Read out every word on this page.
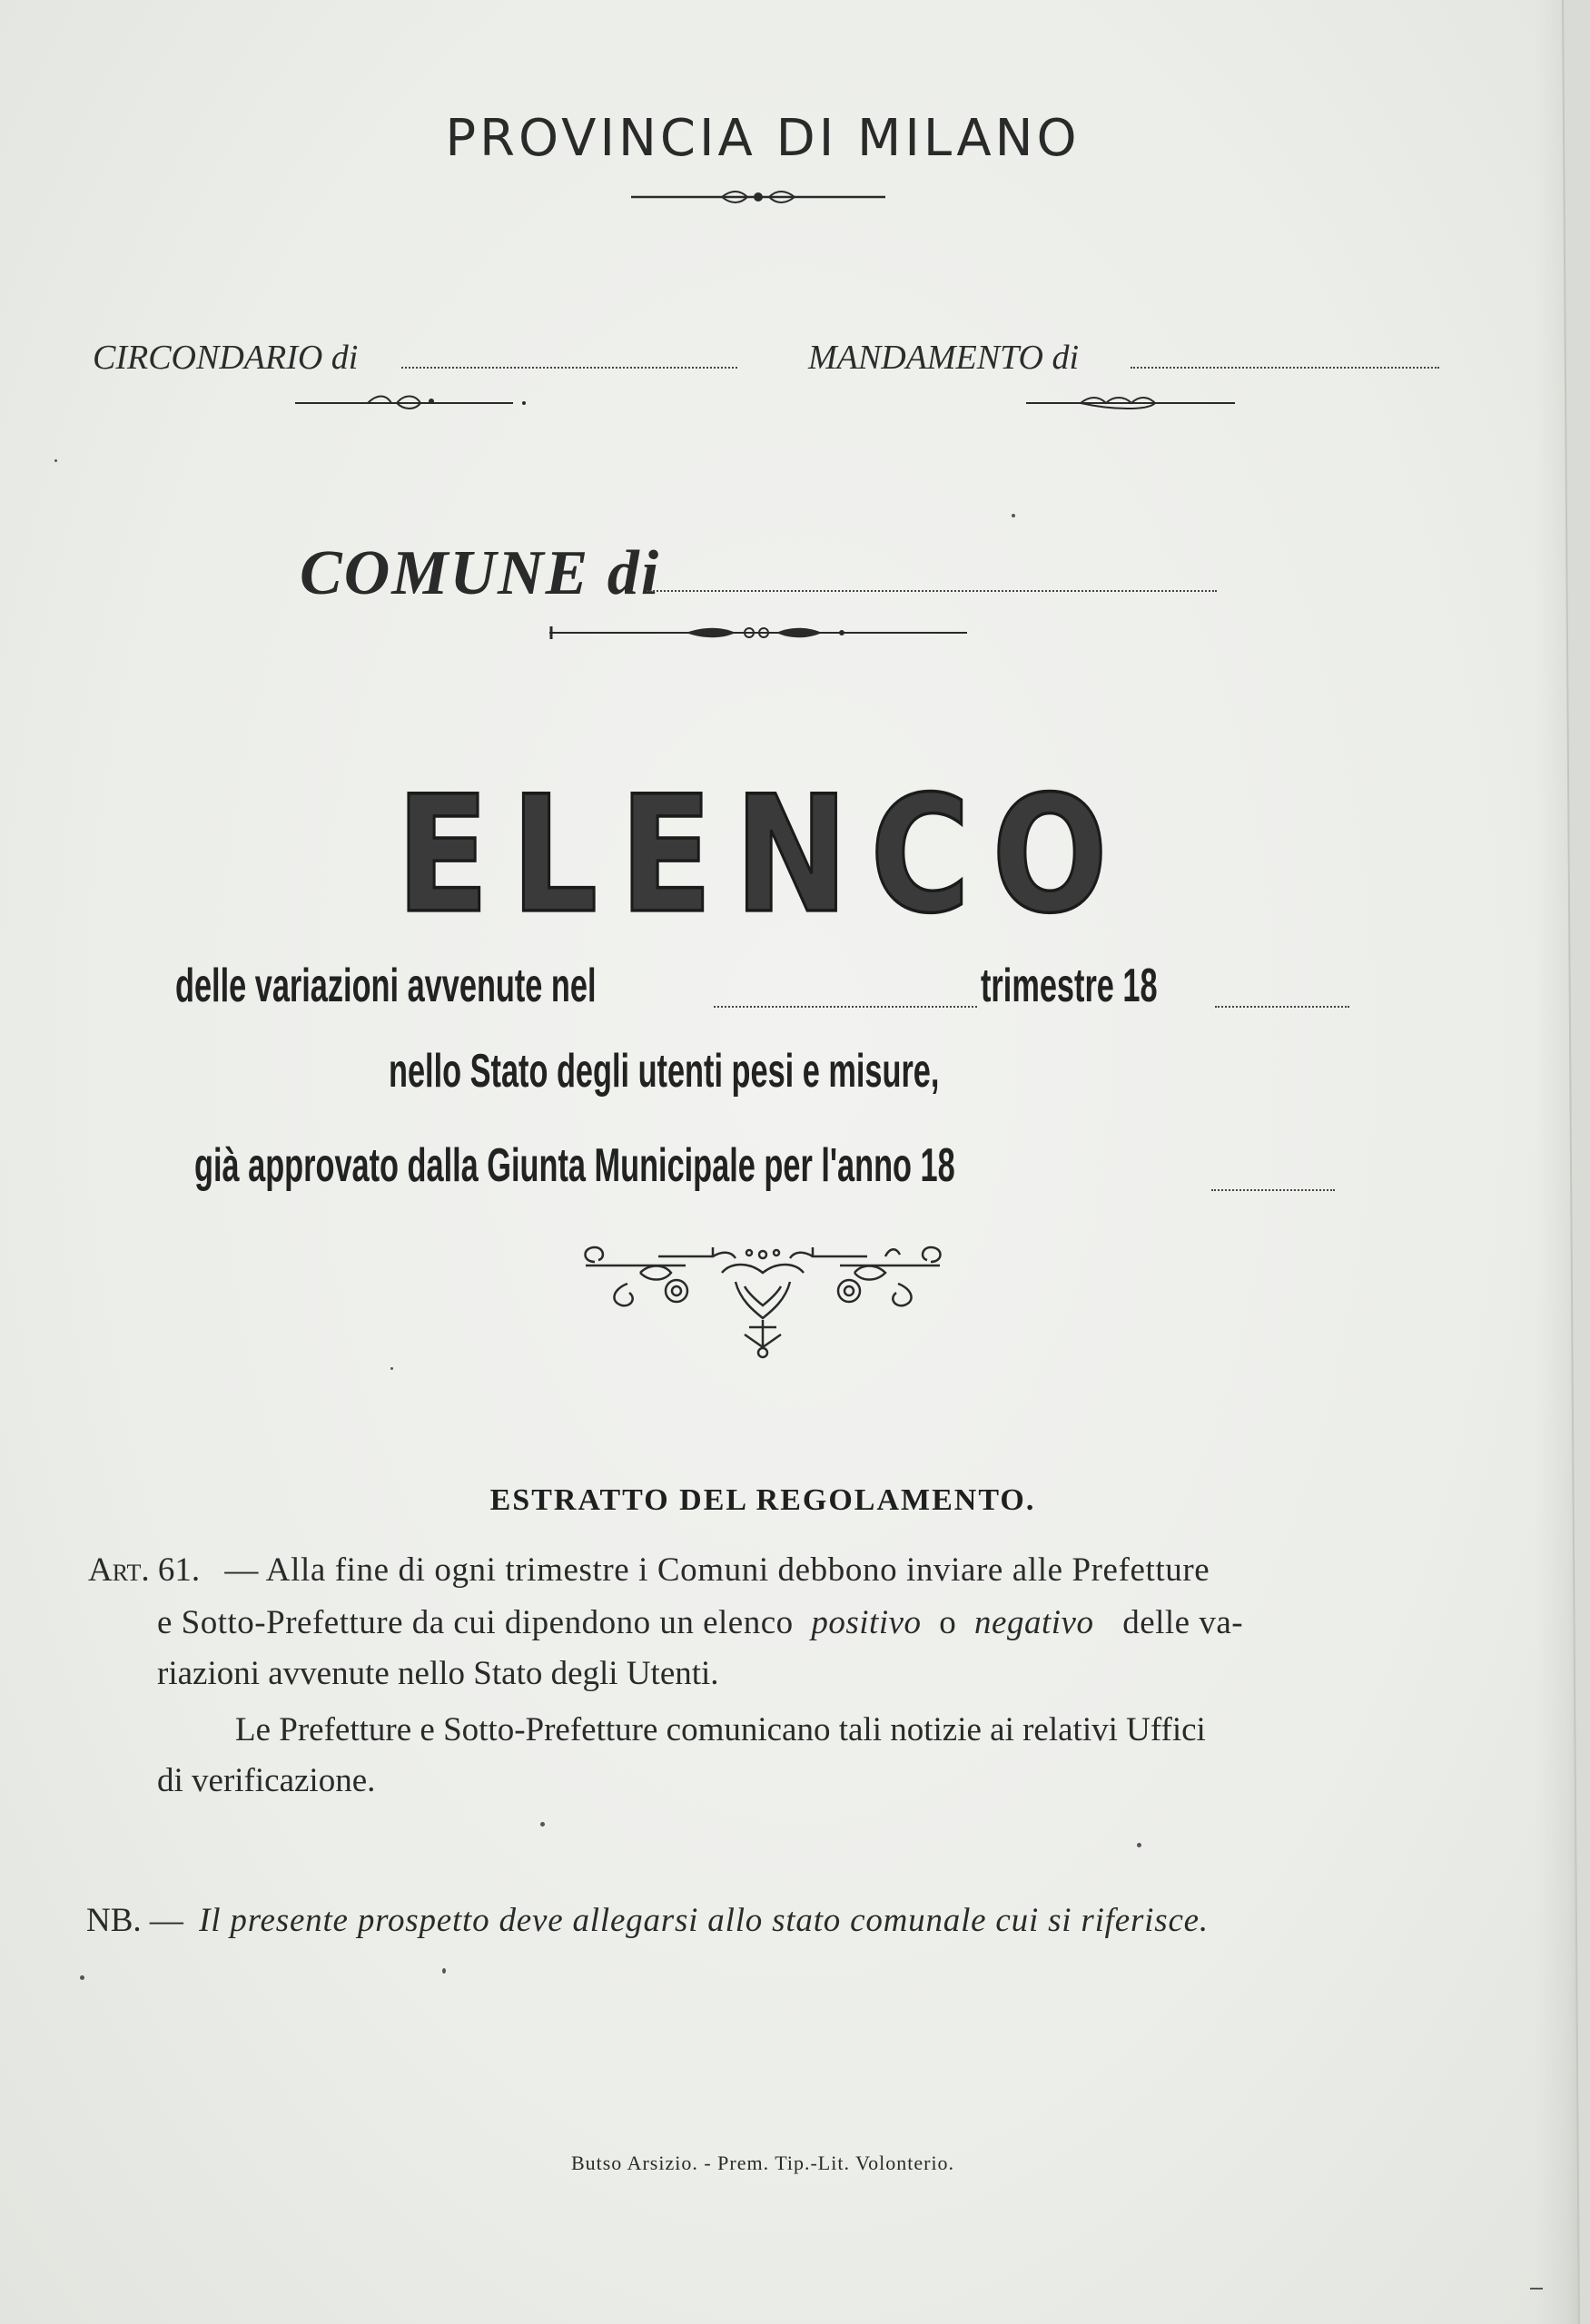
PROVINCIA DI MILANO
CIRCONDARIO di	MANDAMENTO di
COMUNE di
ELENCO
delle variazioni avvenute nel	trimestre 18
nello Stato degli utenti pesi e misure,
già approvato dalla Giunta Municipale per l'anno 18
ESTRATTO DEL REGOLAMENTO.
Art. 61. — Alla fine di ogni trimestre i Comuni debbono inviare alle Prefetture
e Sotto-Prefetture da cui dipendono un elenco positivo o negativo delle va-
riazioni avvenute nello Stato degli Utenti.
Le Prefetture e Sotto-Prefetture comunicano tali notizie ai relativi Uffici
di verificazione.
NB. — Il presente prospetto deve allegarsi allo stato comunale cui si riferisce.
Butso Arsizio. - Prem. Tip.-Lit. Volonterio.
